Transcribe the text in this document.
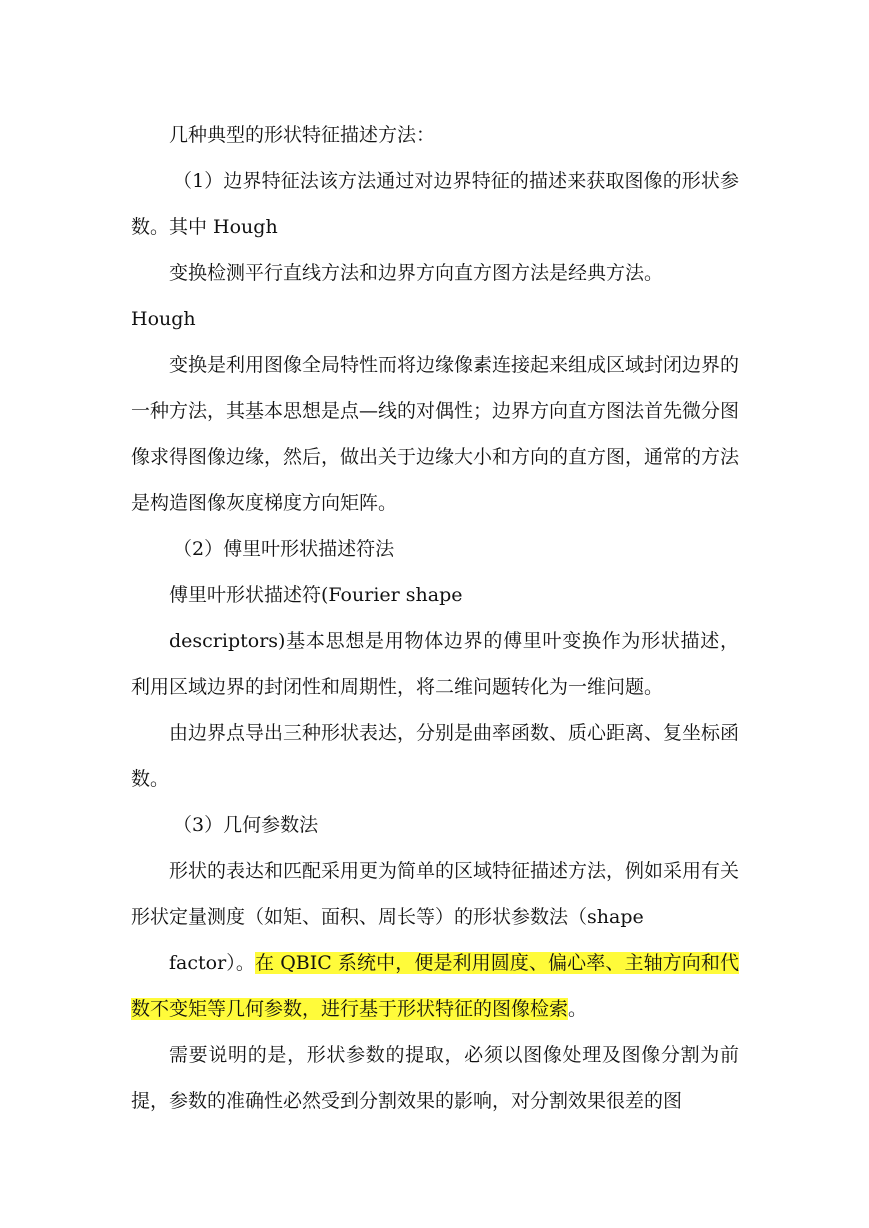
几种典型的形状特征描述方法：

（1）边界特征法该方法通过对边界特征的描述来获取图像的形状参数。其中 Hough

变换检测平行直线方法和边界方向直方图方法是经典方法。

Hough

变换是利用图像全局特性而将边缘像素连接起来组成区域封闭边界的一种方法，其基本思想是点—线的对偶性；边界方向直方图法首先微分图像求得图像边缘，然后，做出关于边缘大小和方向的直方图，通常的方法是构造图像灰度梯度方向矩阵。

（2）傅里叶形状描述符法

傅里叶形状描述符(Fourier shape

descriptors)基本思想是用物体边界的傅里叶变换作为形状描述，利用区域边界的封闭性和周期性，将二维问题转化为一维问题。

由边界点导出三种形状表达，分别是曲率函数、质心距离、复坐标函数。

（3）几何参数法

形状的表达和匹配采用更为简单的区域特征描述方法，例如采用有关形状定量测度（如矩、面积、周长等）的形状参数法（shape

factor）。在 QBIC 系统中，便是利用圆度、偏心率、主轴方向和代数不变矩等几何参数，进行基于形状特征的图像检索。

需要说明的是，形状参数的提取，必须以图像处理及图像分割为前提，参数的准确性必然受到分割效果的影响，对分割效果很差的图
